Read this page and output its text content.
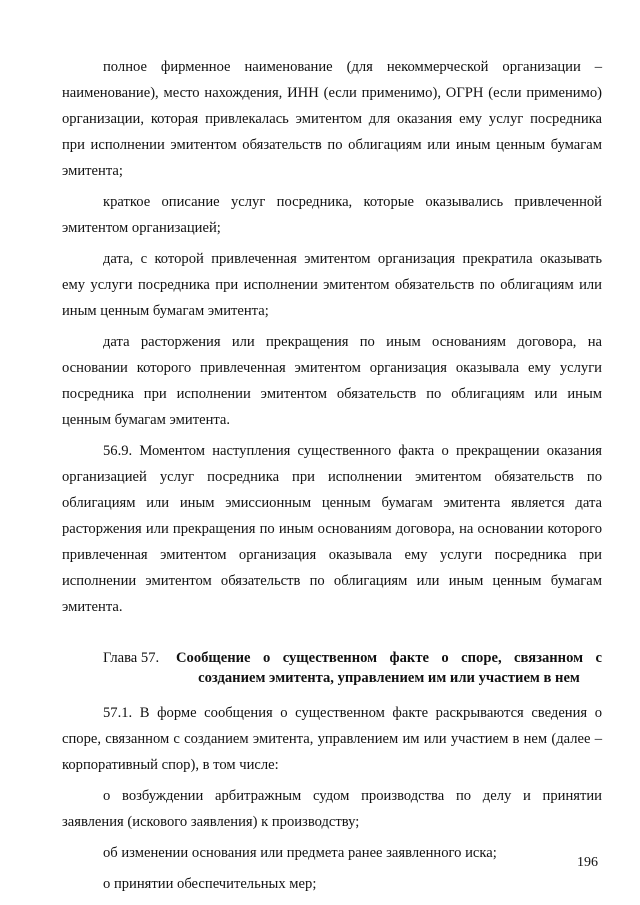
полное фирменное наименование (для некоммерческой организации – наименование), место нахождения, ИНН (если применимо), ОГРН (если применимо) организации, которая привлекалась эмитентом для оказания ему услуг посредника при исполнении эмитентом обязательств по облигациям или иным ценным бумагам эмитента;

краткое описание услуг посредника, которые оказывались привлеченной эмитентом организацией;

дата, с которой привлеченная эмитентом организация прекратила оказывать ему услуги посредника при исполнении эмитентом обязательств по облигациям или иным ценным бумагам эмитента;

дата расторжения или прекращения по иным основаниям договора, на основании которого привлеченная эмитентом организация оказывала ему услуги посредника при исполнении эмитентом обязательств по облигациям или иным ценным бумагам эмитента.

56.9. Моментом наступления существенного факта о прекращении оказания организацией услуг посредника при исполнении эмитентом обязательств по облигациям или иным эмиссионным ценным бумагам эмитента является дата расторжения или прекращения по иным основаниям договора, на основании которого привлеченная эмитентом организация оказывала ему услуги посредника при исполнении эмитентом обязательств по облигациям или иным ценным бумагам эмитента.

Глава 57.	Сообщение о существенном факте о споре, связанном с созданием эмитента, управлением им или участием в нем

57.1. В форме сообщения о существенном факте раскрываются сведения о споре, связанном с созданием эмитента, управлением им или участием в нем (далее – корпоративный спор), в том числе:

о возбуждении арбитражным судом производства по делу и принятии заявления (искового заявления) к производству;

об изменении основания или предмета ранее заявленного иска;

о принятии обеспечительных мер;

196
